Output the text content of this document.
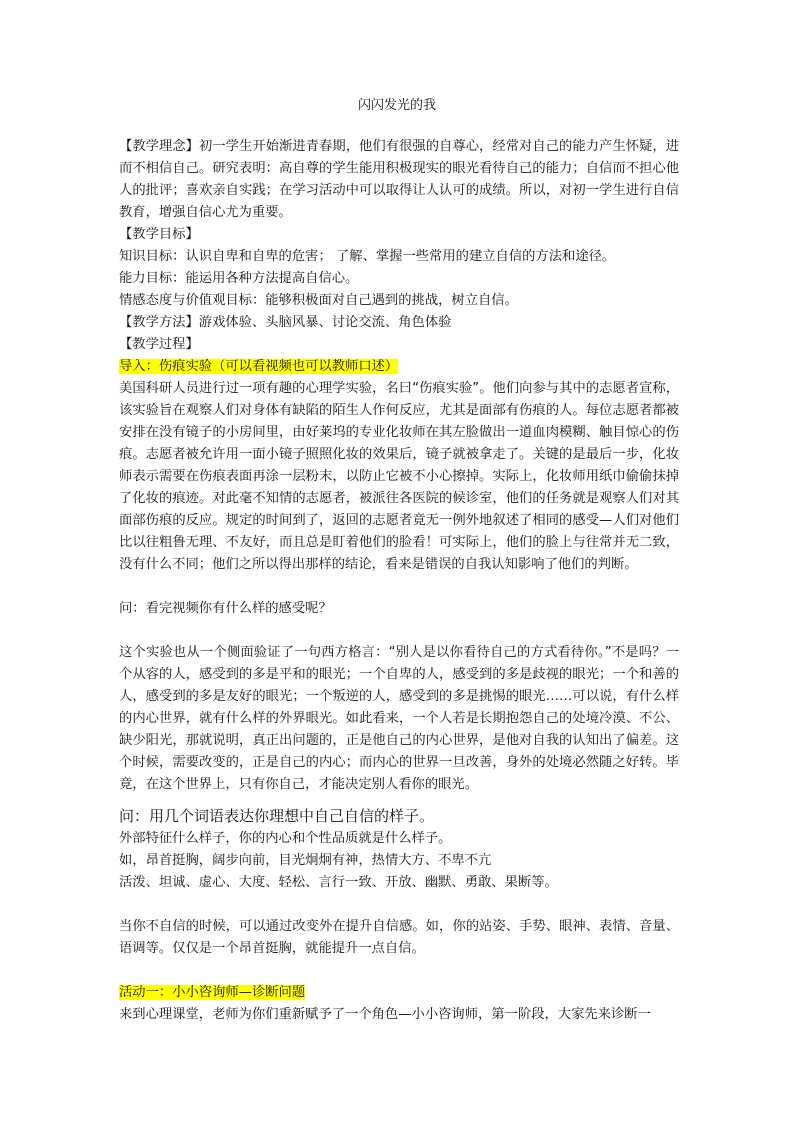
闪闪发光的我

【教学理念】初一学生开始渐进青春期，他们有很强的自尊心，经常对自己的能力产生怀疑，进而不相信自己。研究表明：高自尊的学生能用积极现实的眼光看待自己的能力；自信而不担心他人的批评；喜欢亲自实践；在学习活动中可以取得让人认可的成绩。所以，对初一学生进行自信教育，增强自信心尤为重要。

【教学目标】

知识目标：认识自卑和自卑的危害； 了解、掌握一些常用的建立自信的方法和途径。

能力目标：能运用各种方法提高自信心。

情感态度与价值观目标：能够积极面对自己遇到的挑战，树立自信。

【教学方法】游戏体验、头脑风暴、讨论交流、角色体验

【教学过程】

导入：伤痕实验（可以看视频也可以教师口述）

美国科研人员进行过一项有趣的心理学实验，名曰“伤痕实验”。他们向参与其中的志愿者宣称，该实验旨在观察人们对身体有缺陷的陌生人作何反应，尤其是面部有伤痕的人。每位志愿者都被安排在没有镜子的小房间里，由好莱坞的专业化妆师在其左脸做出一道血肉模糊、触目惊心的伤痕。志愿者被允许用一面小镜子照照化妆的效果后，镜子就被拿走了。关键的是最后一步，化妆师表示需要在伤痕表面再涂一层粉末，以防止它被不小心擦掉。实际上，化妆师用纸巾偷偷抹掉了化妆的痕迹。对此毫不知情的志愿者，被派往各医院的候诊室，他们的任务就是观察人们对其面部伤痕的反应。规定的时间到了，返回的志愿者竟无一例外地叙述了相同的感受—人们对他们比以往粗鲁无理、不友好，而且总是盯着他们的脸看！可实际上，他们的脸上与往常并无二致，没有什么不同；他们之所以得出那样的结论，看来是错误的自我认知影响了他们的判断。

问：看完视频你有什么样的感受呢？

这个实验也从一个侧面验证了一句西方格言：“别人是以你看待自己的方式看待你。”不是吗？一个从容的人，感受到的多是平和的眼光；一个自卑的人，感受到的多是歧视的眼光；一个和善的人，感受到的多是友好的眼光；一个叛逆的人，感受到的多是挑惕的眼光……可以说，有什么样的内心世界，就有什么样的外界眼光。如此看来，一个人若是长期抱怨自己的处境冷漠、不公、缺少阳光，那就说明，真正出问题的，正是他自己的内心世界，是他对自我的认知出了偏差。这个时候，需要改变的，正是自己的内心；而内心的世界一旦改善，身外的处境必然随之好转。毕竟，在这个世界上，只有你自己，才能决定别人看你的眼光。

问：用几个词语表达你理想中自己自信的样子。

外部特征什么样子，你的内心和个性品质就是什么样子。

如，昂首挺胸，阔步向前，目光炯炯有神，热情大方、不卑不亢

活泼、坦诚、虚心、大度、轻松、言行一致、开放、幽默、勇敢、果断等。

当你不自信的时候，可以通过改变外在提升自信感。如，你的站姿、手势、眼神、表情、音量、语调等。仅仅是一个昂首挺胸，就能提升一点自信。

活动一：小小咨询师—诊断问题

来到心理课堂，老师为你们重新赋予了一个角色—小小咨询师，第一阶段，大家先来诊断一
